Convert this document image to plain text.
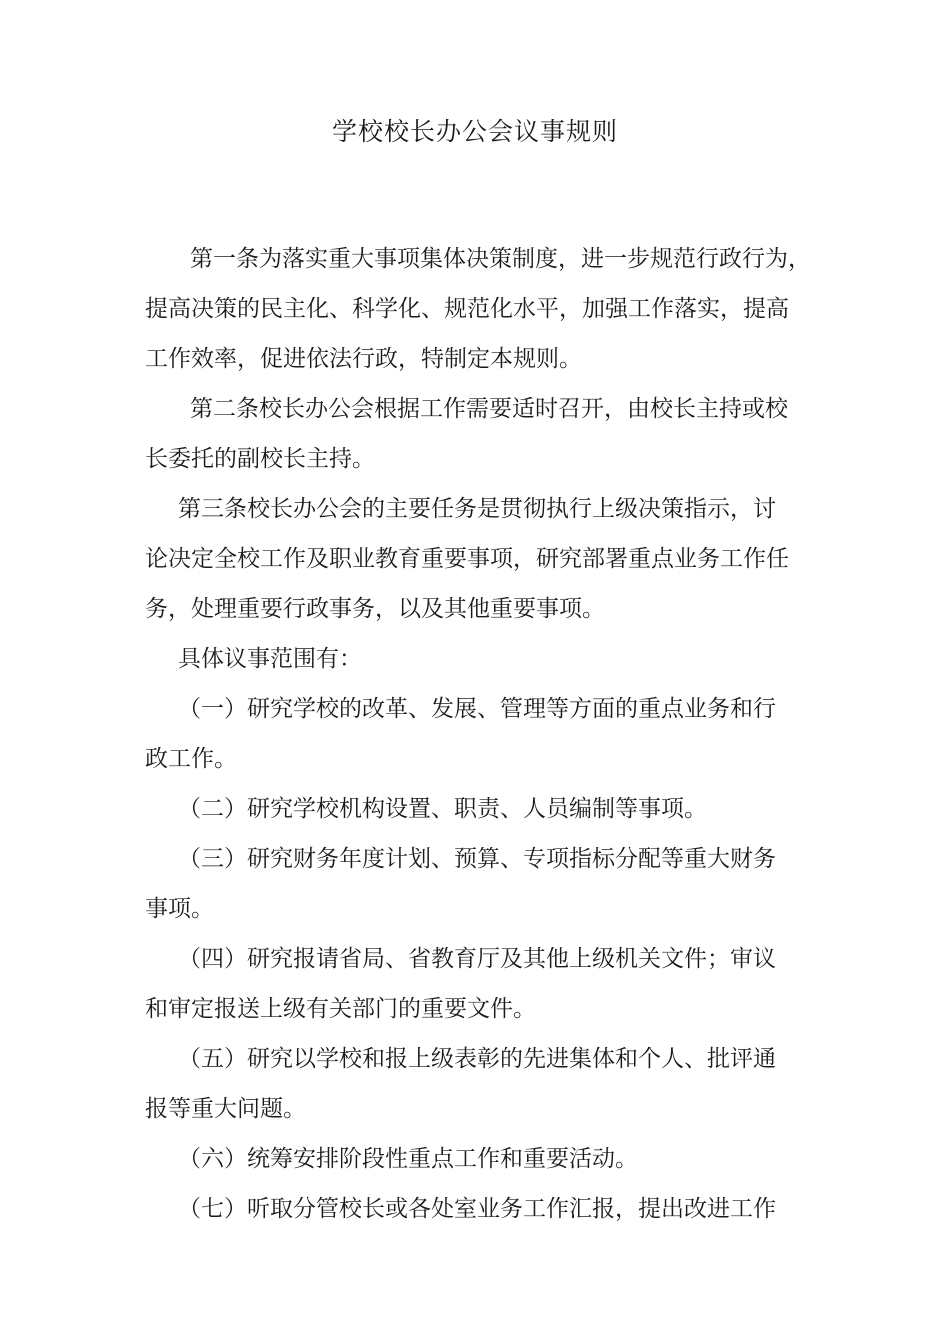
学校校长办公会议事规则
第一条为落实重大事项集体决策制度，进一步规范行政行为，
提高决策的民主化、科学化、规范化水平，加强工作落实，提高
工作效率，促进依法行政，特制定本规则。
第二条校长办公会根据工作需要适时召开，由校长主持或校
长委托的副校长主持。
第三条校长办公会的主要任务是贯彻执行上级决策指示，讨
论决定全校工作及职业教育重要事项，研究部署重点业务工作任
务，处理重要行政事务，以及其他重要事项。
具体议事范围有：
（一）研究学校的改革、发展、管理等方面的重点业务和行
政工作。
（二）研究学校机构设置、职责、人员编制等事项。
（三）研究财务年度计划、预算、专项指标分配等重大财务
事项。
（四）研究报请省局、省教育厅及其他上级机关文件；审议
和审定报送上级有关部门的重要文件。
（五）研究以学校和报上级表彰的先进集体和个人、批评通
报等重大问题。
（六）统筹安排阶段性重点工作和重要活动。
（七）听取分管校长或各处室业务工作汇报，提出改进工作
